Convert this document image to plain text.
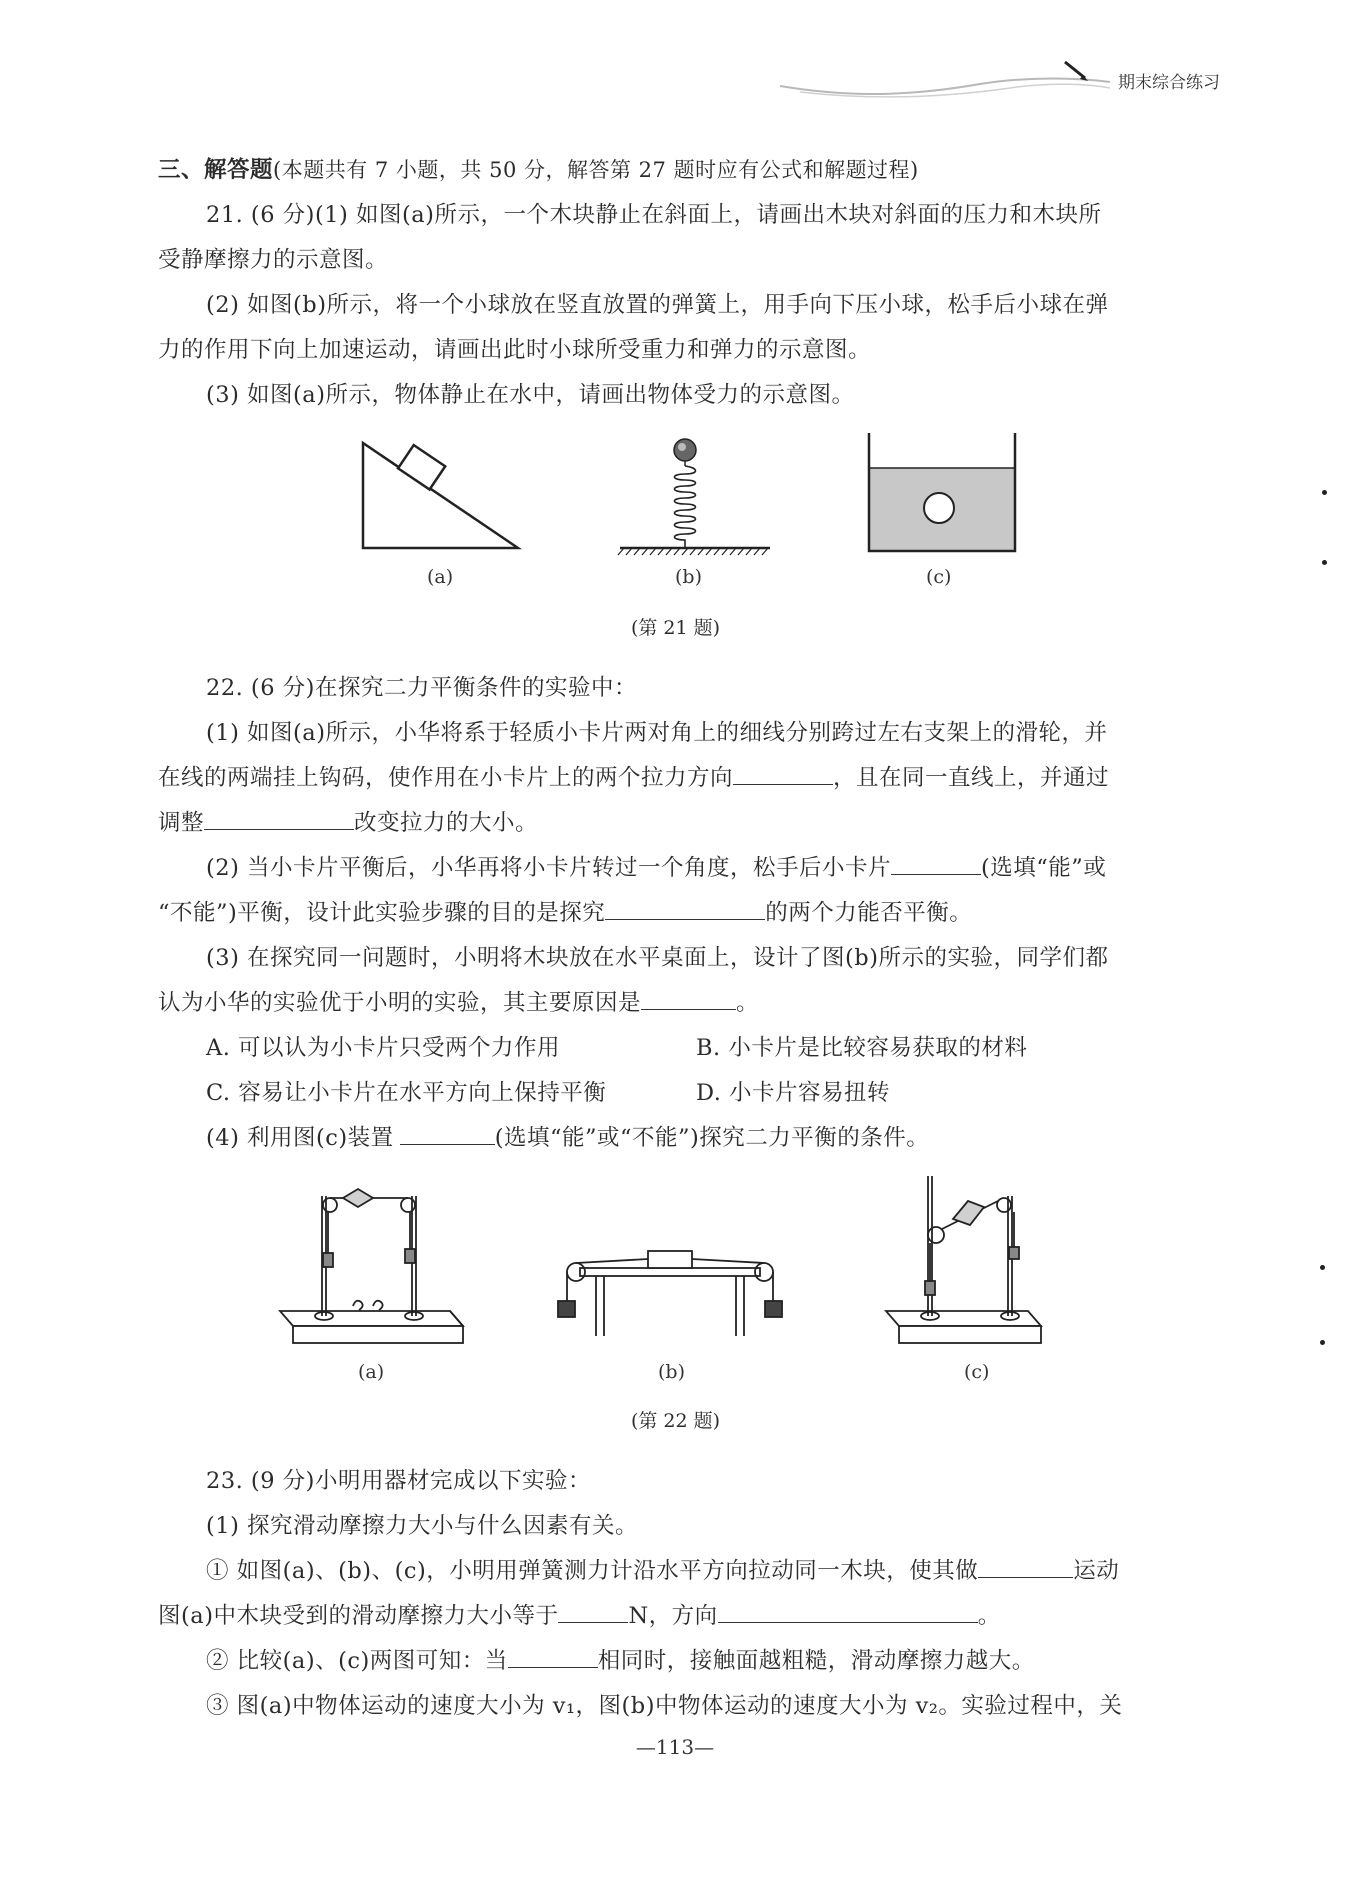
期末综合练习

三、解答题(本题共有 7 小题，共 50 分，解答第 27 题时应有公式和解题过程)

21. (6 分)(1) 如图(a)所示，一个木块静止在斜面上，请画出木块对斜面的压力和木块所

受静摩擦力的示意图。

(2) 如图(b)所示，将一个小球放在竖直放置的弹簧上，用手向下压小球，松手后小球在弹

力的作用下向上加速运动，请画出此时小球所受重力和弹力的示意图。

(3) 如图(a)所示，物体静止在水中，请画出物体受力的示意图。

(a)	(b)	(c)
(第 21 题)

22. (6 分)在探究二力平衡条件的实验中：

(1) 如图(a)所示，小华将系于轻质小卡片两对角上的细线分别跨过左右支架上的滑轮，并

在线的两端挂上钩码，使作用在小卡片上的两个拉力方向	，且在同一直线上，并通过

调整	改变拉力的大小。

(2) 当小卡片平衡后，小华再将小卡片转过一个角度，松手后小卡片	(选填“能”或

“不能”)平衡，设计此实验步骤的目的是探究	的两个力能否平衡。

(3) 在探究同一问题时，小明将木块放在水平桌面上，设计了图(b)所示的实验，同学们都

认为小华的实验优于小明的实验，其主要原因是	。

A. 可以认为小卡片只受两个力作用	B. 小卡片是比较容易获取的材料

C. 容易让小卡片在水平方向上保持平衡	D. 小卡片容易扭转

(4) 利用图(c)装置	(选填“能”或“不能”)探究二力平衡的条件。

(a)	(b)	(c)
(第 22 题)

23. (9 分)小明用器材完成以下实验：

(1) 探究滑动摩擦力大小与什么因素有关。

① 如图(a)、(b)、(c)，小明用弹簧测力计沿水平方向拉动同一木块，使其做	运动

图(a)中木块受到的滑动摩擦力大小等于	N，方向	。

② 比较(a)、(c)两图可知：当	相同时，接触面越粗糙，滑动摩擦力越大。

③ 图(a)中物体运动的速度大小为 v₁，图(b)中物体运动的速度大小为 v₂。实验过程中，关

—113—
